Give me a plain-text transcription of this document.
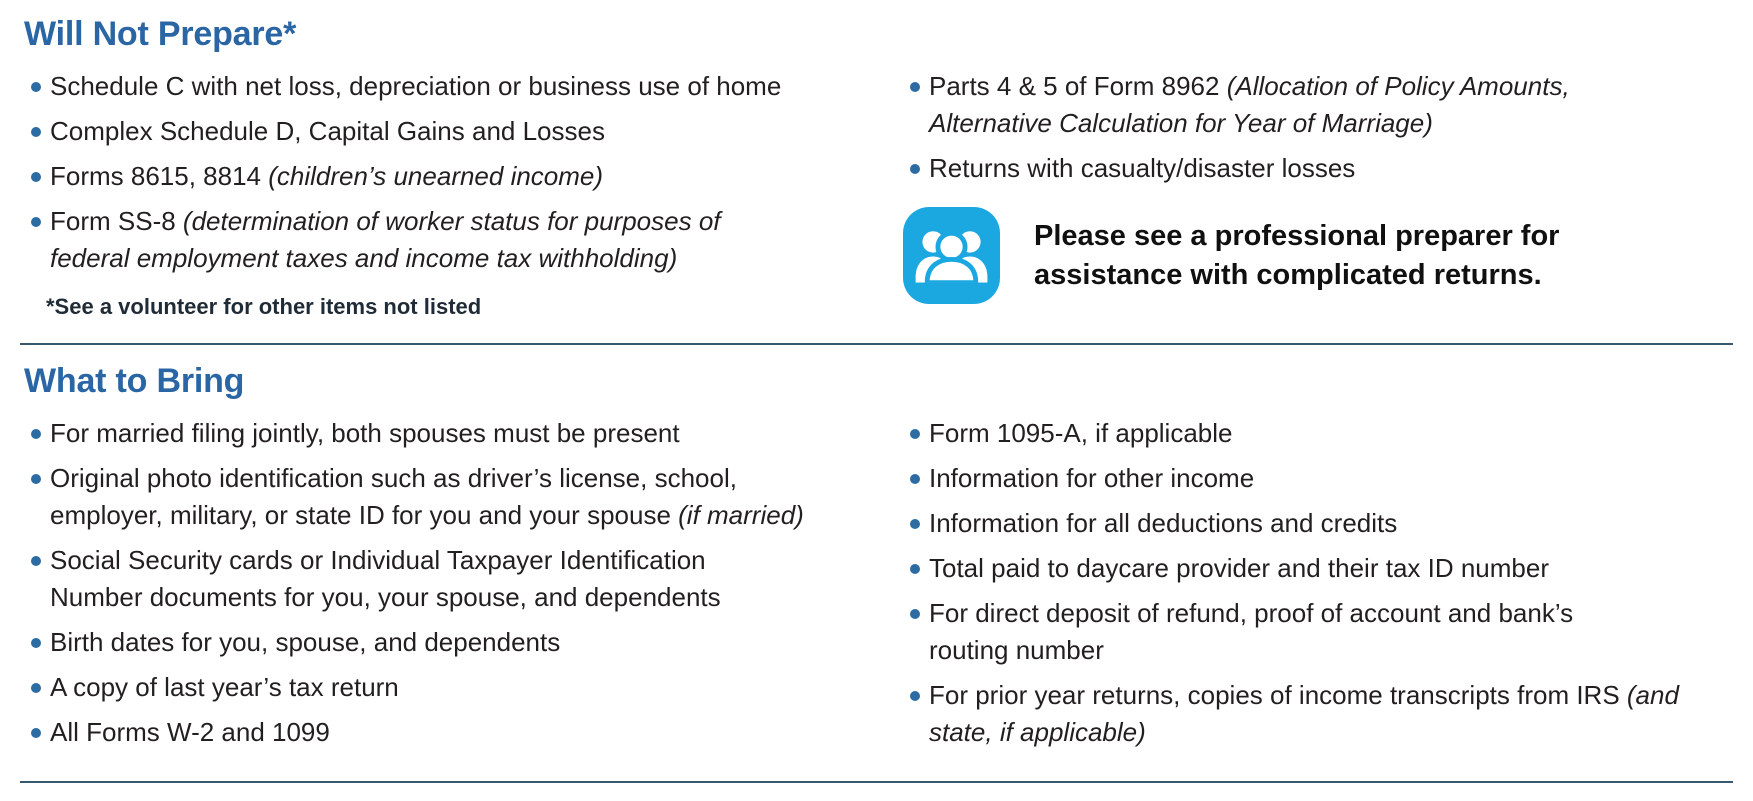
Will Not Prepare*
Schedule C with net loss, depreciation or business use of home
Complex Schedule D, Capital Gains and Losses
Forms 8615, 8814 (children’s unearned income)
Form SS-8 (determination of worker status for purposes of federal employment taxes and income tax withholding)

*See a volunteer for other items not listed

Parts 4 & 5 of Form 8962 (Allocation of Policy Amounts, Alternative Calculation for Year of Marriage)
Returns with casualty/disaster losses

Please see a professional preparer for assistance with complicated returns.

What to Bring
For married filing jointly, both spouses must be present
Original photo identification such as driver’s license, school, employer, military, or state ID for you and your spouse (if married)
Social Security cards or Individual Taxpayer Identification Number documents for you, your spouse, and dependents
Birth dates for you, spouse, and dependents
A copy of last year’s tax return
All Forms W-2 and 1099
Form 1095-A, if applicable
Information for other income
Information for all deductions and credits
Total paid to daycare provider and their tax ID number
For direct deposit of refund, proof of account and bank’s routing number
For prior year returns, copies of income transcripts from IRS (and state, if applicable)
